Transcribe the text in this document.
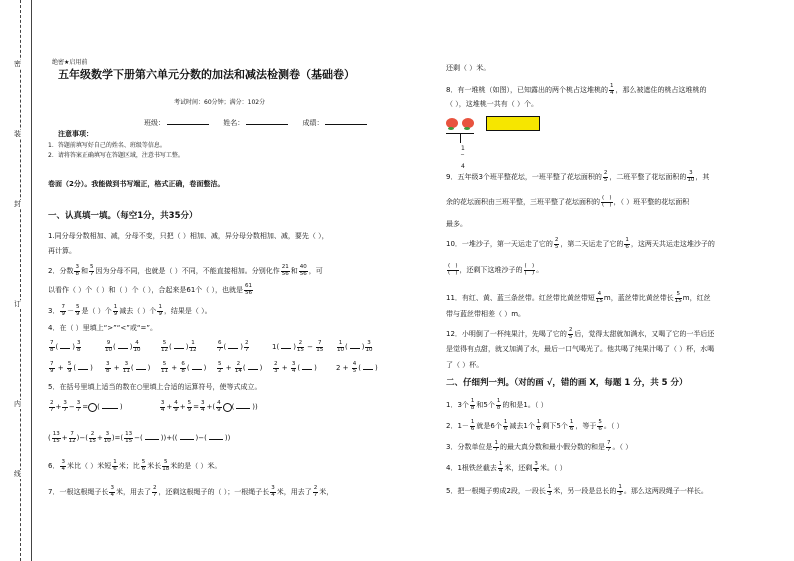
密
装
封
订
内
线
绝密★启用前
五年级数学下册第六单元分数的加法和减法检测卷（基础卷）
考试时间：60分钟；满分：102分
班级：	姓名：	成绩：
注意事项：
1．答题前填写好自己的姓名、班级等信息。
2．请将答案正确填写在答题区域，注意书写工整。
卷面（2分）。我能做到书写端正，格式正确，卷面整洁。
一、认真填一填。（每空1分，共35分）
1.同分母分数相加、减，分母不变，只把（ ）相加、减，异分母分数相加、减，要先（ ），
再计算。
2．分数 $\frac{3}{8}$ 和 $\frac{5}{7}$ 因为分母不同，也就是（ ）不同，不能直接相加。分别化作 $\frac{21}{56}$ 和 $\frac{40}{56}$ ，可
以看作（ ）个（ ）和（ ）个（ ），合起来是61个（ ），也就是 $\frac{61}{56}$
3． $\frac{7}{9} - \frac{5}{9}$ 是（ ）个 $\frac{1}{9}$ 减去（ ）个 $\frac{1}{9}$ ，结果是（ ）。
4．在（ ）里填上“>”“<”或“=”。
$\frac{7}{8}$ ( ) $\frac{3}{8}$	$\frac{9}{10}$ ( ) $\frac{4}{10}$	$\frac{5}{12}$ ( ) $\frac{1}{12}$	$\frac{6}{7}$ ( ) $\frac{2}{7}$	1( ) $\frac{2}{15} - \frac{7}{15}$	$\frac{1}{10}$ ( ) $\frac{3}{10}$
$\frac{7}{9} + \frac{5}{9}$ ( ) $\frac{3}{8} + \frac{3}{11}$ ( ) $\frac{5}{11} + \frac{6}{8}$ ( ) $\frac{5}{2} + \frac{2}{14}$ ( ) $\frac{2}{3} + \frac{3}{4}$ ( )	$2 + \frac{4}{5}$ ( )
5．在括号里填上适当的数在○里填上合适的运算符号，使等式成立。
$\frac{2}{7} + \frac{3}{7} - \frac{3}{7}$ = (	)	$\frac{3}{4} + \frac{4}{9} + \frac{5}{9} = \frac{3}{4}$ +( $\frac{4}{9}$ (	))
( $\frac{13}{15} + \frac{7}{12}$ )−( $\frac{2}{15} + \frac{3}{10}$ )=( $\frac{13}{15}$ −(	))+((	)−(	))
6． $\frac{3}{4}$ 米比（ ）米短 $\frac{1}{6}$ 米；比 $\frac{5}{6}$ 米长 $\frac{5}{18}$ 米的是（ ）米。
7．一根这根绳子长 $\frac{3}{4}$ 米，用去了 $\frac{2}{7}$ ，还剩这根绳子的（ ）；一根绳子长 $\frac{3}{4}$ 米，用去了 $\frac{2}{7}$ 米，
还剩（ ）米。
8．有一堆桃（如图），已知露出的两个桃占这堆桃的 $\frac{1}{4}$ ，那么被遮住的桃占这堆桃的
（ ），这堆桃一共有（ ）个。
1
‾
4
9．五年级3个班平整花坛，一班平整了花坛面积的 $\frac{2}{5}$ ，二班平整了花坛面积的 $\frac{3}{10}$ ，其
余的花坛面积由三班平整，三班平整了花坛面积的 $\frac{( )}{( )}$ ，（ ）班平整的花坛面积
最多。
10．一堆沙子，第一天运走了它的 $\frac{2}{5}$ ，第二天运走了它的 $\frac{1}{6}$ ，这两天共运走这堆沙子的
$\frac{( )}{( )}$ ，还剩下这堆沙子的 $\frac{( )}{( )}$ 。
11．有红、黄、蓝三条丝带。红丝带比黄丝带短 $\frac{4}{15}$ m，蓝丝带比黄丝带长 $\frac{5}{15}$ m，红丝
带与蓝丝带相差（ ）m。
12．小明倒了一杯纯果汁，先喝了它的 $\frac{2}{5}$ 后，觉得太甜就加满水，又喝了它的一半后还
是觉得有点甜，就又加满了水，最后一口气喝光了。他共喝了纯果汁喝了（ ）杯，水喝
了（ ）杯。
二、仔细判一判。（对的画 √，错的画 X，每题 1 分，共 5 分）
1．3个 $\frac{1}{8}$ 和5个 $\frac{1}{8}$ 的和是1。（ ）
2．$1- \frac{1}{6}$ 就是6个 $\frac{1}{6}$ 减去1个 $\frac{1}{6}$ 剩下5个 $\frac{1}{6}$ ，等于 $\frac{5}{6}$ 。（ ）
3．分数单位是 $\frac{1}{7}$ 的最大真分数和最小假分数的和是 $\frac{7}{7}$ 。（ ）
4．1根铁丝截去 $\frac{1}{4}$ 米，还剩 $\frac{3}{4}$ 米。（ ）
5．把一根绳子剪成2段，一段长 $\frac{1}{3}$ 米，另一段是总长的 $\frac{1}{3}$ 。那么这两段绳子一样长。
